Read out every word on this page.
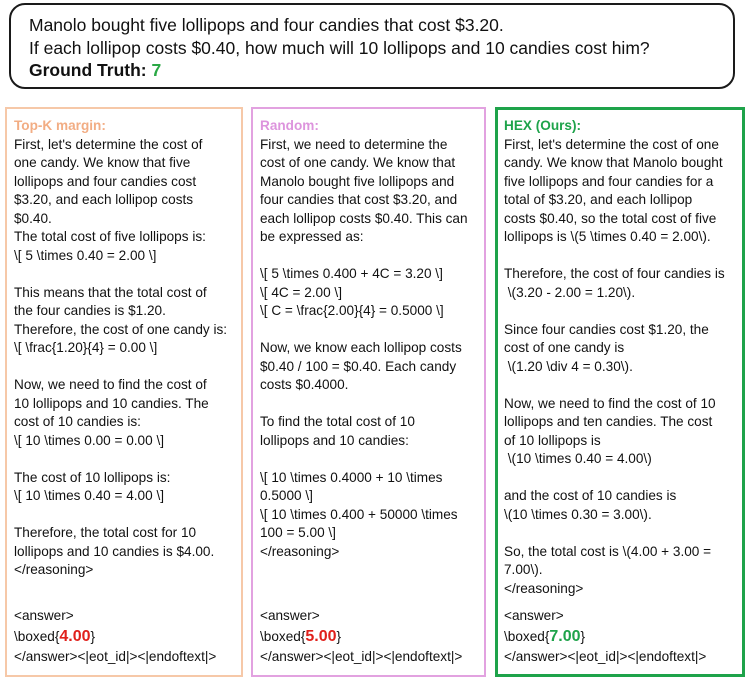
Manolo bought five lollipops and four candies that cost $3.20.
If each lollipop costs $0.40, how much will 10 lollipops and 10 candies cost him?
Ground Truth: 7
Top-K margin:
First, let's determine the cost of
one candy. We know that five
lollipops and four candies cost
$3.20, and each lollipop costs
$0.40.
The total cost of five lollipops is:
\[ 5 \times 0.40 = 2.00 \]

This means that the total cost of
the four candies is $1.20.
Therefore, the cost of one candy is:
\[ \frac{1.20}{4} = 0.00 \]

Now, we need to find the cost of
10 lollipops and 10 candies. The
cost of 10 candies is:
\[ 10 \times 0.00 = 0.00 \]

The cost of 10 lollipops is:
\[ 10 \times 0.40 = 4.00 \]

Therefore, the total cost for 10
lollipops and 10 candies is $4.00.
</reasoning>
<answer>
\boxed{4.00}
</answer><|eot_id|><|endoftext|>
Random:
First, we need to determine the
cost of one candy. We know that
Manolo bought five lollipops and
four candies that cost $3.20, and
each lollipop costs $0.40. This can
be expressed as:

\[ 5 \times 0.400 + 4C = 3.20 \]
\[ 4C = 2.00 \]
\[ C = \frac{2.00}{4} = 0.5000 \]

Now, we know each lollipop costs
$0.40 / 100 = $0.40. Each candy
costs $0.4000.

To find the total cost of 10
lollipops and 10 candies:

\[ 10 \times 0.4000 + 10 \times
0.5000 \]
\[ 10 \times 0.400 + 50000 \times
100 = 5.00 \]
</reasoning>
<answer>
\boxed{5.00}
</answer><|eot_id|><|endoftext|>
HEX (Ours):
First, let's determine the cost of one
candy. We know that Manolo bought
five lollipops and four candies for a
total of $3.20, and each lollipop
costs $0.40, so the total cost of five
lollipops is \(5 \times 0.40 = 2.00\).

Therefore, the cost of four candies is
\(3.20 - 2.00 = 1.20\).

Since four candies cost $1.20, the
cost of one candy is
\(1.20 \div 4 = 0.30\).

Now, we need to find the cost of 10
lollipops and ten candies. The cost
of 10 lollipops is
\(10 \times 0.40 = 4.00\)

and the cost of 10 candies is
\(10 \times 0.30 = 3.00\).

So, the total cost is \(4.00 + 3.00 =
7.00\).
</reasoning>
<answer>
\boxed{7.00}
</answer><|eot_id|><|endoftext|>
